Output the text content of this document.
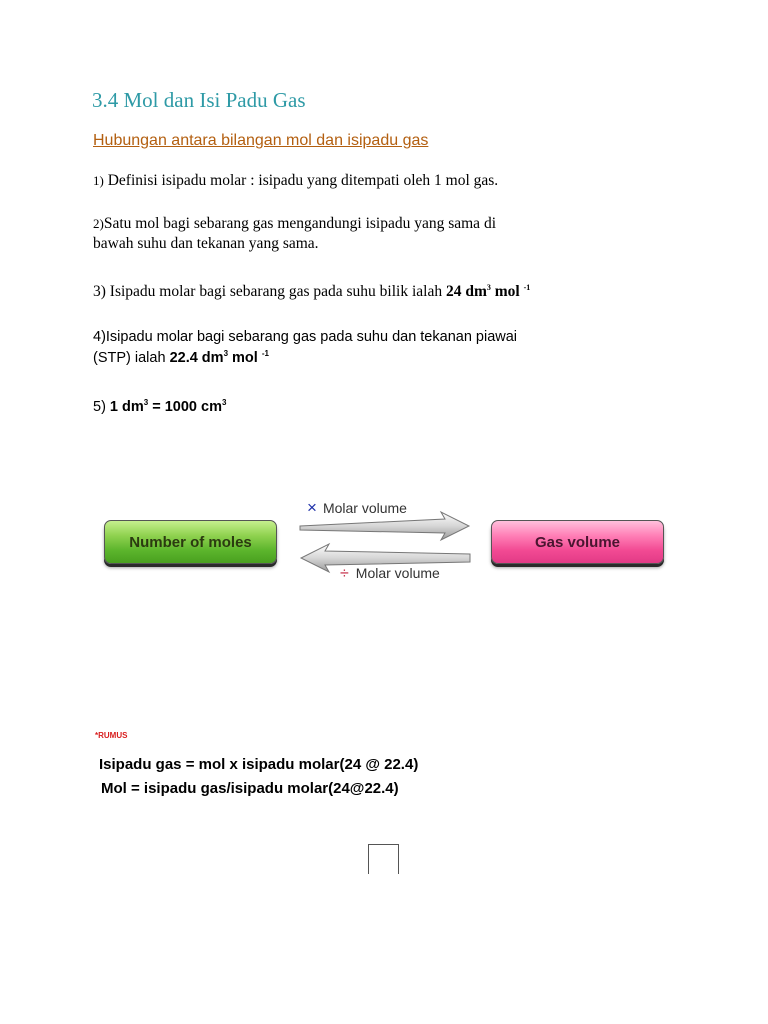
3.4 Mol dan Isi Padu Gas
Hubungan antara bilangan mol dan isipadu gas
1) Definisi isipadu molar : isipadu yang ditempati oleh 1 mol gas.
2)Satu mol bagi sebarang gas mengandungi isipadu yang sama di
bawah suhu dan tekanan yang sama.
3) Isipadu molar bagi sebarang gas pada suhu bilik ialah 24 $dm^3$ mol $^{-1}$
4)Isipadu molar bagi sebarang gas pada suhu dan tekanan piawai
(STP) ialah 22.4 $dm^3$ mol $^{-1}$
5) 1 $dm^3 = 1000$ $cm^3$
Number of moles	Gas volume
× Molar volume
÷ Molar volume
*RUMUS
Isipadu gas = mol x isipadu molar(24 @ 22.4)
Mol = isipadu gas/isipadu molar(24@22.4)
